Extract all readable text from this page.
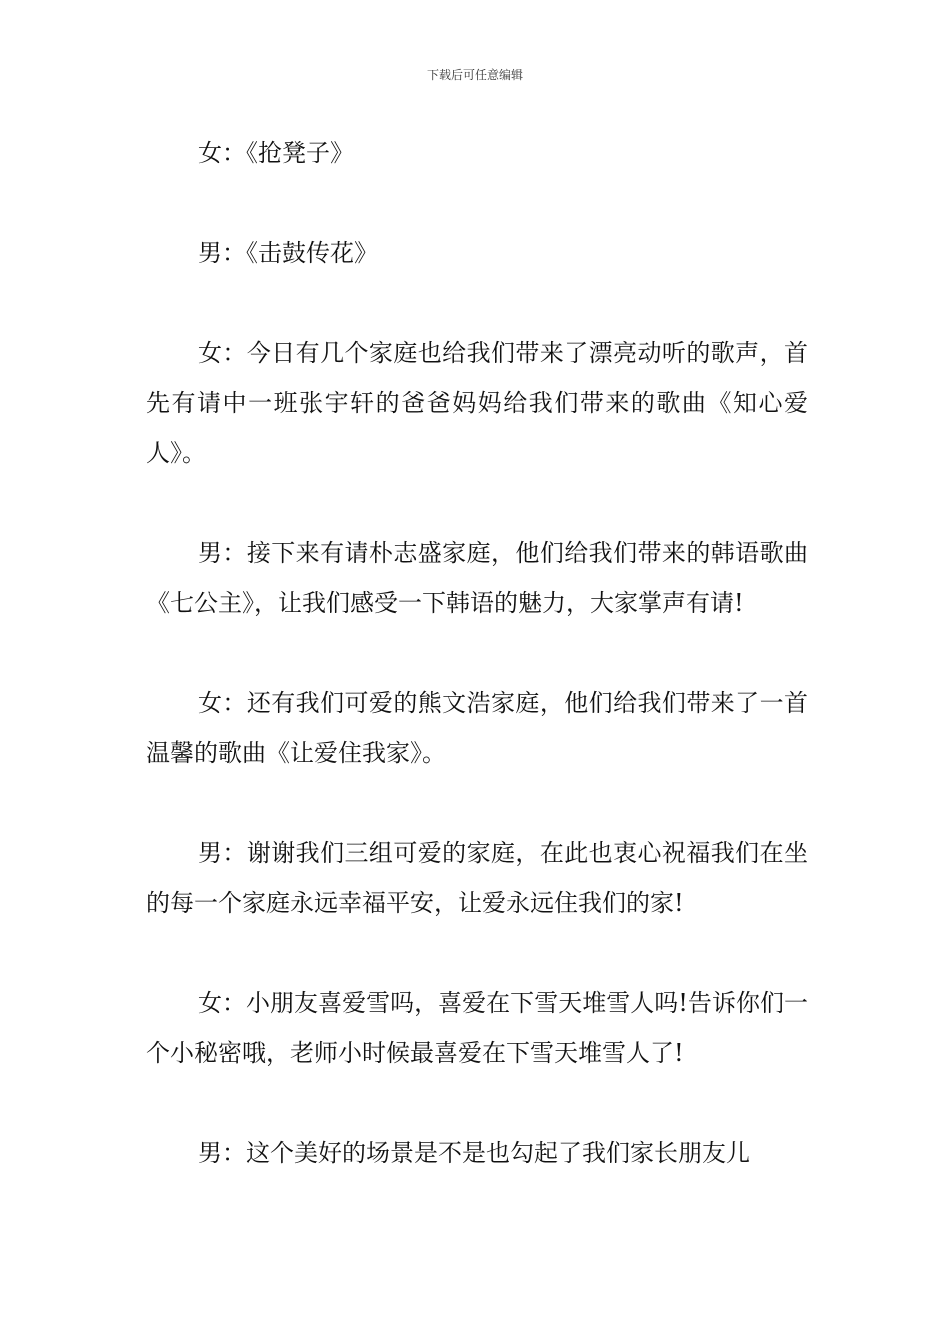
下载后可任意编辑

女：《抢凳子》

男：《击鼓传花》

女：今日有几个家庭也给我们带来了漂亮动听的歌声，首先有请中一班张宇轩的爸爸妈妈给我们带来的歌曲《知心爱人》。

男：接下来有请朴志盛家庭，他们给我们带来的韩语歌曲《七公主》，让我们感受一下韩语的魅力，大家掌声有请!

女：还有我们可爱的熊文浩家庭，他们给我们带来了一首温馨的歌曲《让爱住我家》。

男：谢谢我们三组可爱的家庭，在此也衷心祝福我们在坐的每一个家庭永远幸福平安，让爱永远住我们的家!

女：小朋友喜爱雪吗，喜爱在下雪天堆雪人吗!告诉你们一个小秘密哦，老师小时候最喜爱在下雪天堆雪人了!

男：这个美好的场景是不是也勾起了我们家长朋友儿
